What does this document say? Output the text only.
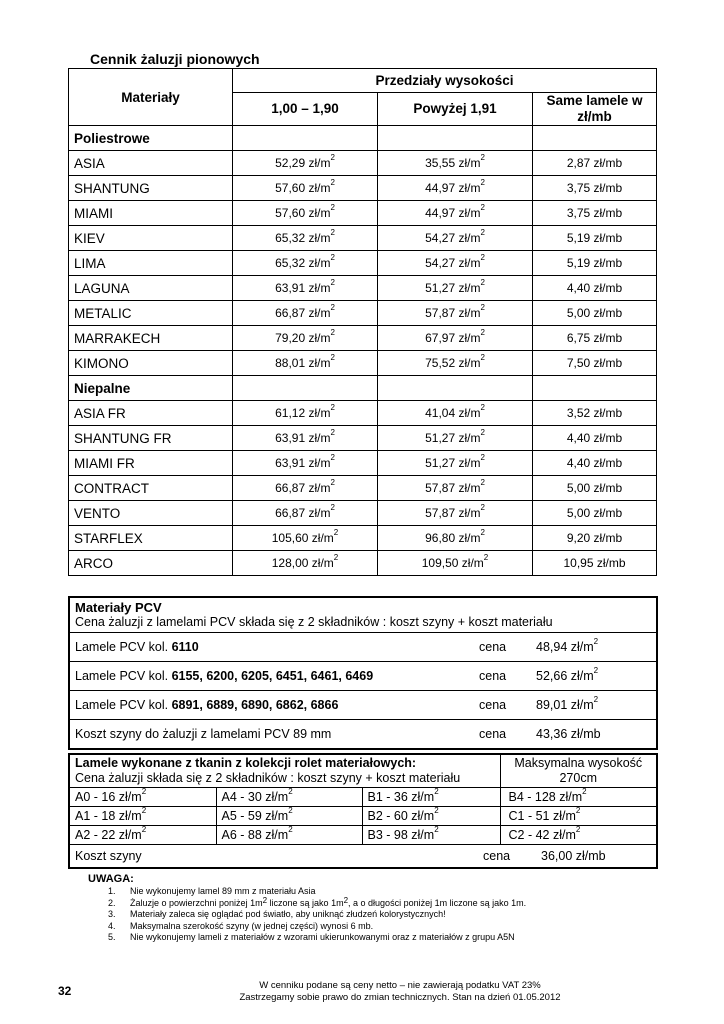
Cennik żaluzji pionowych
Materiały	Przedziały wysokości		
	1,00 – 1,90	Powyżej 1,91	Same lamele w zł/mb
Poliestrowe			
ASIA	52,29 $zł/m^2$	35,55 $zł/m^2$	2,87 zł/mb
SHANTUNG	57,60 $zł/m^2$	44,97 $zł/m^2$	3,75 zł/mb
MIAMI	57,60 $zł/m^2$	44,97 $zł/m^2$	3,75 zł/mb
KIEV	65,32 $zł/m^2$	54,27 $zł/m^2$	5,19 zł/mb
LIMA	65,32 $zł/m^2$	54,27 $zł/m^2$	5,19 zł/mb
LAGUNA	63,91 $zł/m^2$	51,27 $zł/m^2$	4,40 zł/mb
METALIC	66,87 $zł/m^2$	57,87 $zł/m^2$	5,00 zł/mb
MARRAKECH	79,20 $zł/m^2$	67,97 $zł/m^2$	6,75 zł/mb
KIMONO	88,01 $zł/m^2$	75,52 $zł/m^2$	7,50 zł/mb
Niepalne			
ASIA FR	61,12 $zł/m^2$	41,04 $zł/m^2$	3,52 zł/mb
SHANTUNG FR	63,91 $zł/m^2$	51,27 $zł/m^2$	4,40 zł/mb
MIAMI FR	63,91 $zł/m^2$	51,27 $zł/m^2$	4,40 zł/mb
CONTRACT	66,87 $zł/m^2$	57,87 $zł/m^2$	5,00 zł/mb
VENTO	66,87 $zł/m^2$	57,87 $zł/m^2$	5,00 zł/mb
STARFLEX	105,60 $zł/m^2$	96,80 $zł/m^2$	9,20 zł/mb
ARCO	128,00 $zł/m^2$	109,50 $zł/m^2$	10,95 zł/mb
Materiały PCV
Cena żaluzji z lamelami PCV składa się z 2 składników : koszt szyny + koszt materiału		

Lamele PCV kol. 6110	cena	48,94 $zł/m^2$
Lamele PCV kol. 6155, 6200, 6205, 6451, 6461, 6469	cena	52,66 $zł/m^2$
Lamele PCV kol. 6891, 6889, 6890, 6862, 6866	cena	89,01 $zł/m^2$
Koszt szyny do żaluzji z lamelami PCV 89 mm	cena	43,36 zł/mb
Lamele wykonane z tkanin z kolekcji rolet materiałowych:
Cena żaluzji składa się z 2 składników : koszt szyny + koszt materiału			Maksymalna wysokość 270cm
A0 - 16 $zł/m^2$	A4 - 30 $zł/m^2$	B1 - 36 $zł/m^2$	B4 - 128 $zł/m^2$
A1 - 18 $zł/m^2$	A5 - 59 $zł/m^2$	B2 - 60 $zł/m^2$	C1 - 51 $zł/m^2$
A2 - 22 $zł/m^2$	A6 - 88 $zł/m^2$	B3 - 98 $zł/m^2$	C2 - 42 $zł/m^2$
Koszt szyny cena 36,00 zł/mb			
UWAGA:
1. Nie wykonujemy lamel 89 mm z materiału Asia
2. Żaluzje o powierzchni poniżej $1m^2$ liczone są jako $1m^2$, a o długości poniżej 1m liczone są jako 1m.
3. Materiały zaleca się oglądać pod światło, aby uniknąć złudzeń kolorystycznych!
4. Maksymalna szerokość szyny (w jednej części) wynosi 6 mb.
5. Nie wykonujemy lameli z materiałów z wzorami ukierunkowanymi oraz z materiałów z grupu A5N
32	W cenniku podane są ceny netto – nie zawierają podatku VAT 23%
Zastrzegamy sobie prawo do zmian technicznych. Stan na dzień 01.05.2012
